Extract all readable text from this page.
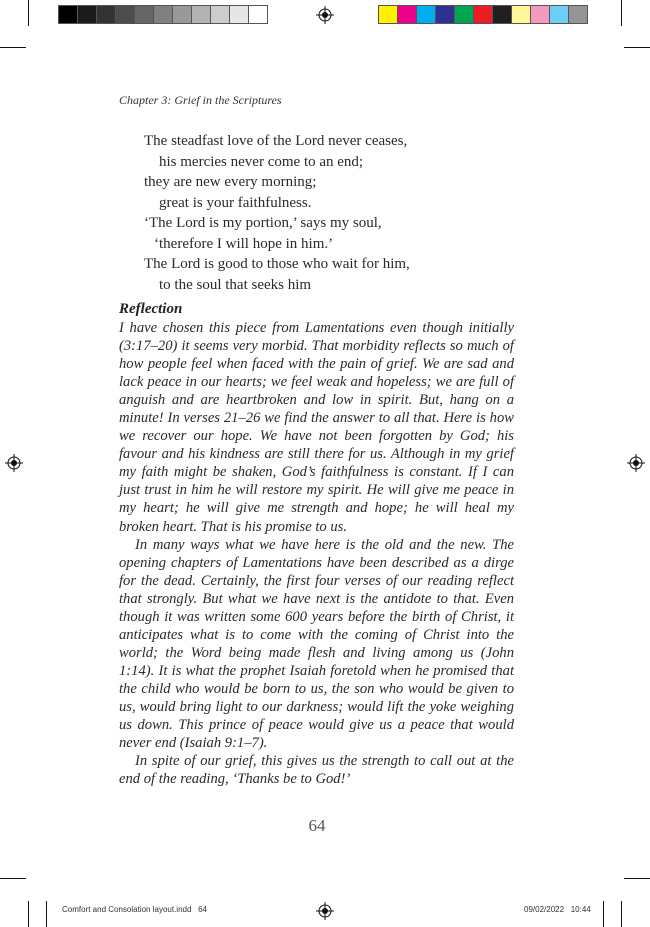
Chapter 3: Grief in the Scriptures
The steadfast love of the Lord never ceases,
his mercies never come to an end;
they are new every morning;
great is your faithfulness.
‘The Lord is my portion,’ says my soul,
‘therefore I will hope in him.’
The Lord is good to those who wait for him,
to the soul that seeks him
Reflection

I have chosen this piece from Lamentations even though initially (3:17–20) it seems very morbid. That morbidity reflects so much of how people feel when faced with the pain of grief. We are sad and lack peace in our hearts; we feel weak and hopeless; we are full of anguish and are heartbroken and low in spirit. But, hang on a minute! In verses 21–26 we find the answer to all that. Here is how we recover our hope. We have not been forgotten by God; his favour and his kindness are still there for us. Although in my grief my faith might be shaken, God’s faithfulness is constant. If I can just trust in him he will restore my spirit. He will give me peace in my heart; he will give me strength and hope; he will heal my broken heart. That is his promise to us.

In many ways what we have here is the old and the new. The opening chapters of Lamentations have been described as a dirge for the dead. Certainly, the first four verses of our reading reflect that strongly. But what we have next is the antidote to that. Even though it was written some 600 years before the birth of Christ, it anticipates what is to come with the coming of Christ into the world; the Word being made flesh and living among us (John 1:14). It is what the prophet Isaiah foretold when he promised that the child who would be born to us, the son who would be given to us, would bring light to our darkness; would lift the yoke weighing us down. This prince of peace would give us a peace that would never end (Isaiah 9:1–7).

In spite of our grief, this gives us the strength to call out at the end of the reading, ‘Thanks be to God!’

64
Comfort and Consolation layout.indd   64	09/02/2022   10:44
